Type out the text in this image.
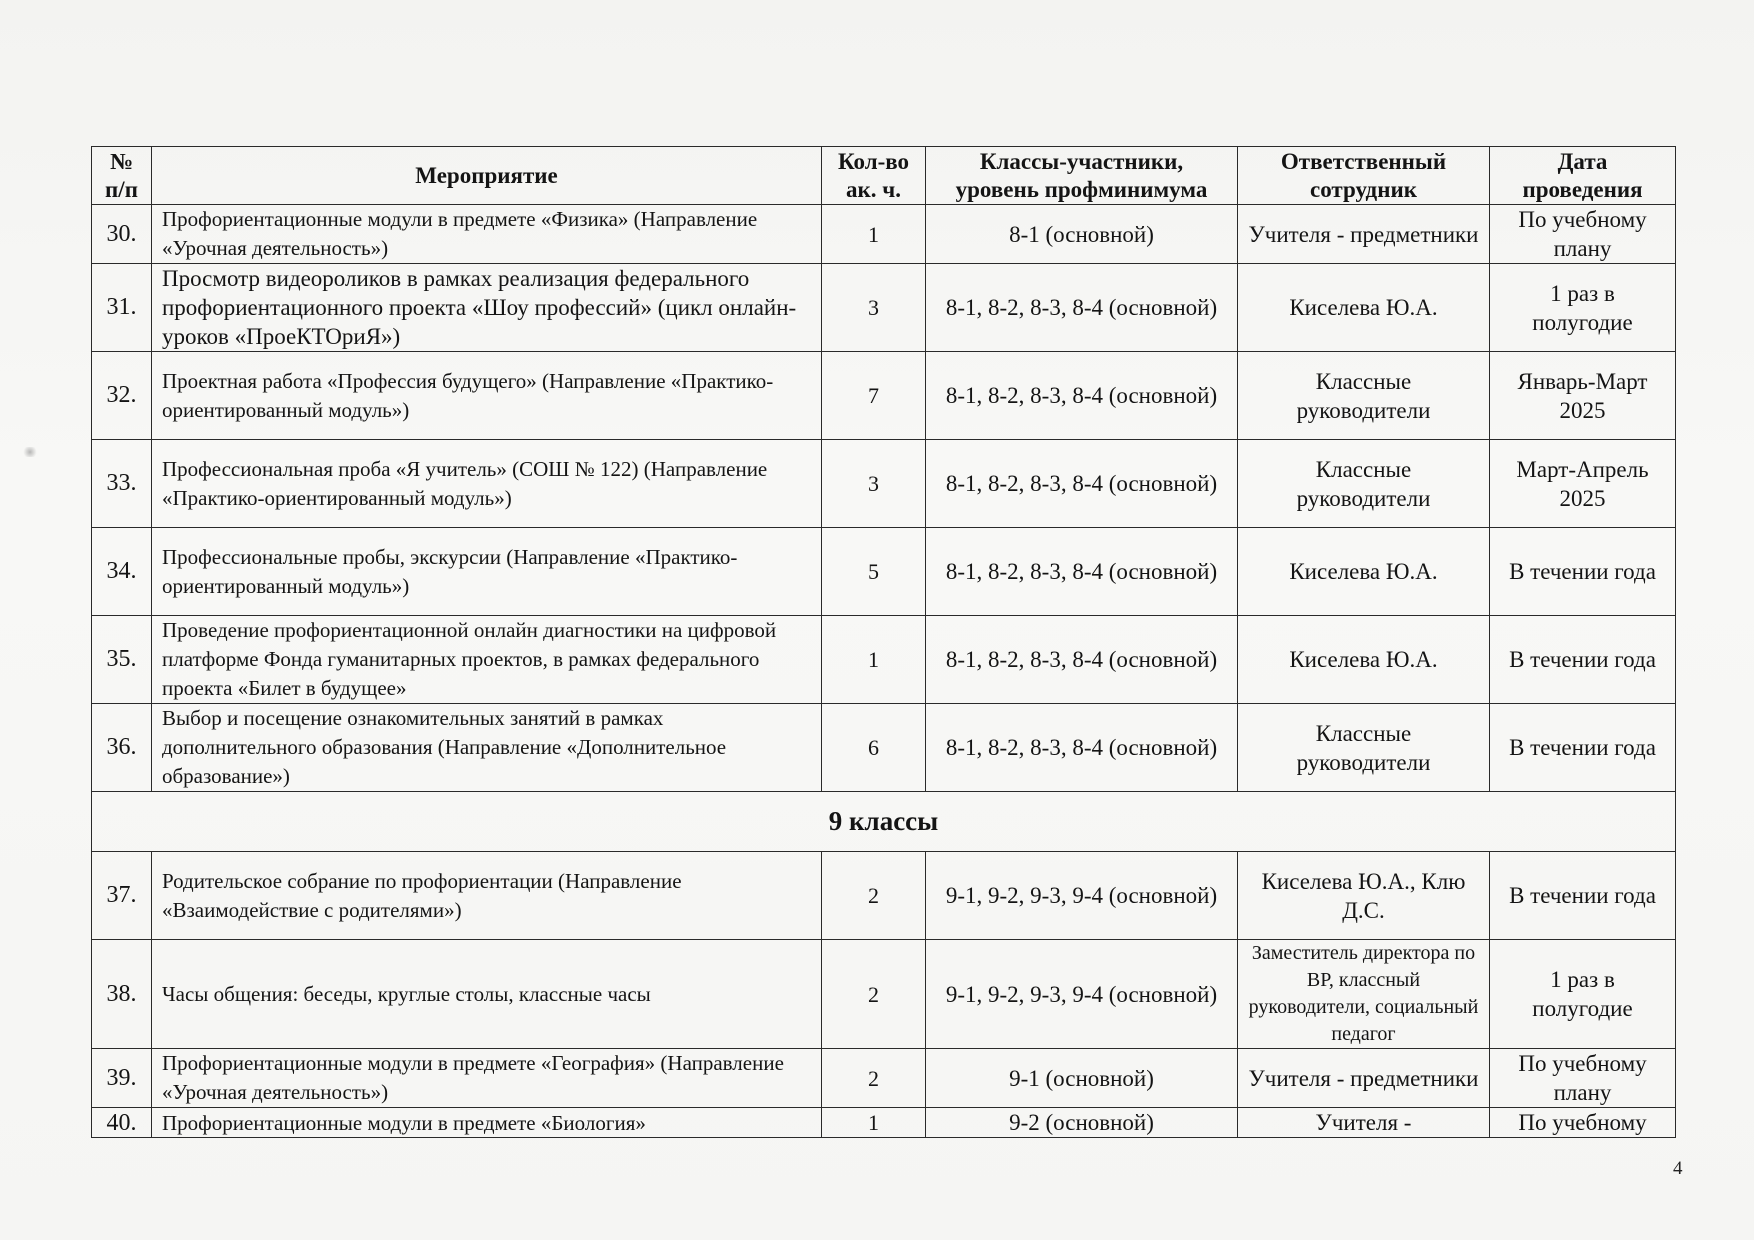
№ п/п	Мероприятие	Кол-во ак. ч.	Классы-участники, уровень профминимума	Ответственный сотрудник	Дата проведения
30.	Профориентационные модули в предмете «Физика» (Направление «Урочная деятельность»)	1	8-1 (основной)	Учителя - предметники	По учебному плану
31.	Просмотр видеороликов в рамках реализация федерального профориентационного проекта «Шоу профессий» (цикл онлайн-уроков «ПроеКТОриЯ»)	3	8-1, 8-2, 8-3, 8-4 (основной)	Киселева Ю.А.	1 раз в полугодие
32.	Проектная работа «Профессия будущего» (Направление «Практико-ориентированный модуль»)	7	8-1, 8-2, 8-3, 8-4 (основной)	Классные руководители	Январь-Март 2025
33.	Профессиональная проба «Я учитель» (СОШ № 122) (Направление «Практико-ориентированный модуль»)	3	8-1, 8-2, 8-3, 8-4 (основной)	Классные руководители	Март-Апрель 2025
34.	Профессиональные пробы, экскурсии (Направление «Практико-ориентированный модуль»)	5	8-1, 8-2, 8-3, 8-4 (основной)	Киселева Ю.А.	В течении года
35.	Проведение профориентационной онлайн диагностики на цифровой платформе Фонда гуманитарных проектов, в рамках федерального проекта «Билет в будущее»	1	8-1, 8-2, 8-3, 8-4 (основной)	Киселева Ю.А.	В течении года
36.	Выбор и посещение ознакомительных занятий в рамках дополнительного образования (Направление «Дополнительное образование»)	6	8-1, 8-2, 8-3, 8-4 (основной)	Классные руководители	В течении года
9 классы					
37.	Родительское собрание по профориентации (Направление «Взаимодействие с родителями»)	2	9-1, 9-2, 9-3, 9-4 (основной)	Киселева Ю.А., Клю Д.С.	В течении года
38.	Часы общения: беседы, круглые столы, классные часы	2	9-1, 9-2, 9-3, 9-4 (основной)	Заместитель директора по ВР, классный руководители, социальный педагог	1 раз в полугодие
39.	Профориентационные модули в предмете «География» (Направление «Урочная деятельность»)	2	9-1 (основной)	Учителя - предметники	По учебному плану
40.	Профориентационные модули в предмете «Биология»	1	9-2 (основной)	Учителя -	По учебному
4
